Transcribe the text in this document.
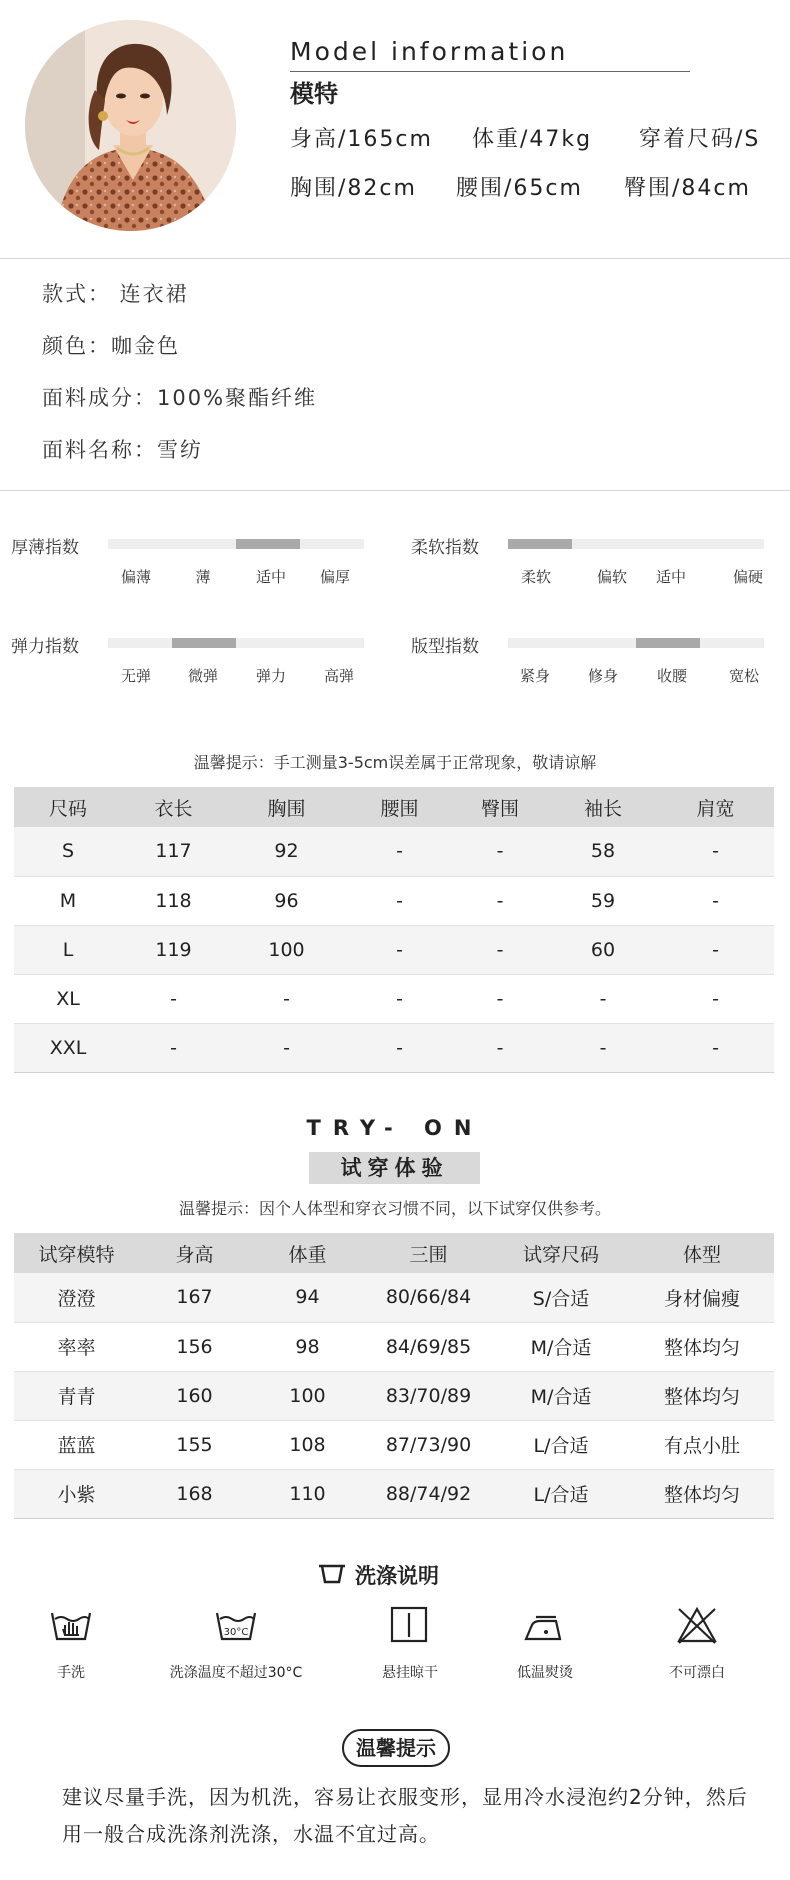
Model information
模特
身高/165cm 体重/47kg 穿着尺码/S
胸围/82cm 腰围/65cm 臀围/84cm
款式： 连衣裙
颜色：咖金色
面料成分：100%聚酯纤维
面料名称：雪纺
厚薄指数
偏薄	薄	适中 偏厚
柔软指数
柔软	偏软 适中	偏硬
弹力指数
无弹 微弹	弹力	高弹
版型指数
紧身	修身	收腰	宽松
温馨提示：手工测量3-5cm误差属于正常现象，敬请谅解
尺码	衣长	胸围	腰围	臀围	袖长	肩宽
S	117	92	-	-	58	-
M	118	96	-	-	59	-
L	119	100	-	-	60	-
XL	-	-	-	-	-	-
XXL	-	-	-	-	-	-
TRY- ON
试穿体验
温馨提示：因个人体型和穿衣习惯不同，以下试穿仅供参考。
试穿模特	身高	体重	三围	试穿尺码	体型
澄澄	167	94	80/66/84	S/合适	身材偏瘦
率率	156	98	84/69/85	M/合适	整体均匀
青青	160	100	83/70/89	M/合适	整体均匀
蓝蓝	155	108	87/73/90	L/合适	有点小肚
小紫	168	110	88/74/92	L/合适	整体均匀
洗涤说明
手洗
30°C
洗涤温度不超过30°C	悬挂晾干	低温熨烫	不可漂白
温馨提示
建议尽量手洗，因为机洗，容易让衣服变形，显用冷水浸泡约2分钟，然后
用一般合成洗涤剂洗涤，水温不宜过高。
